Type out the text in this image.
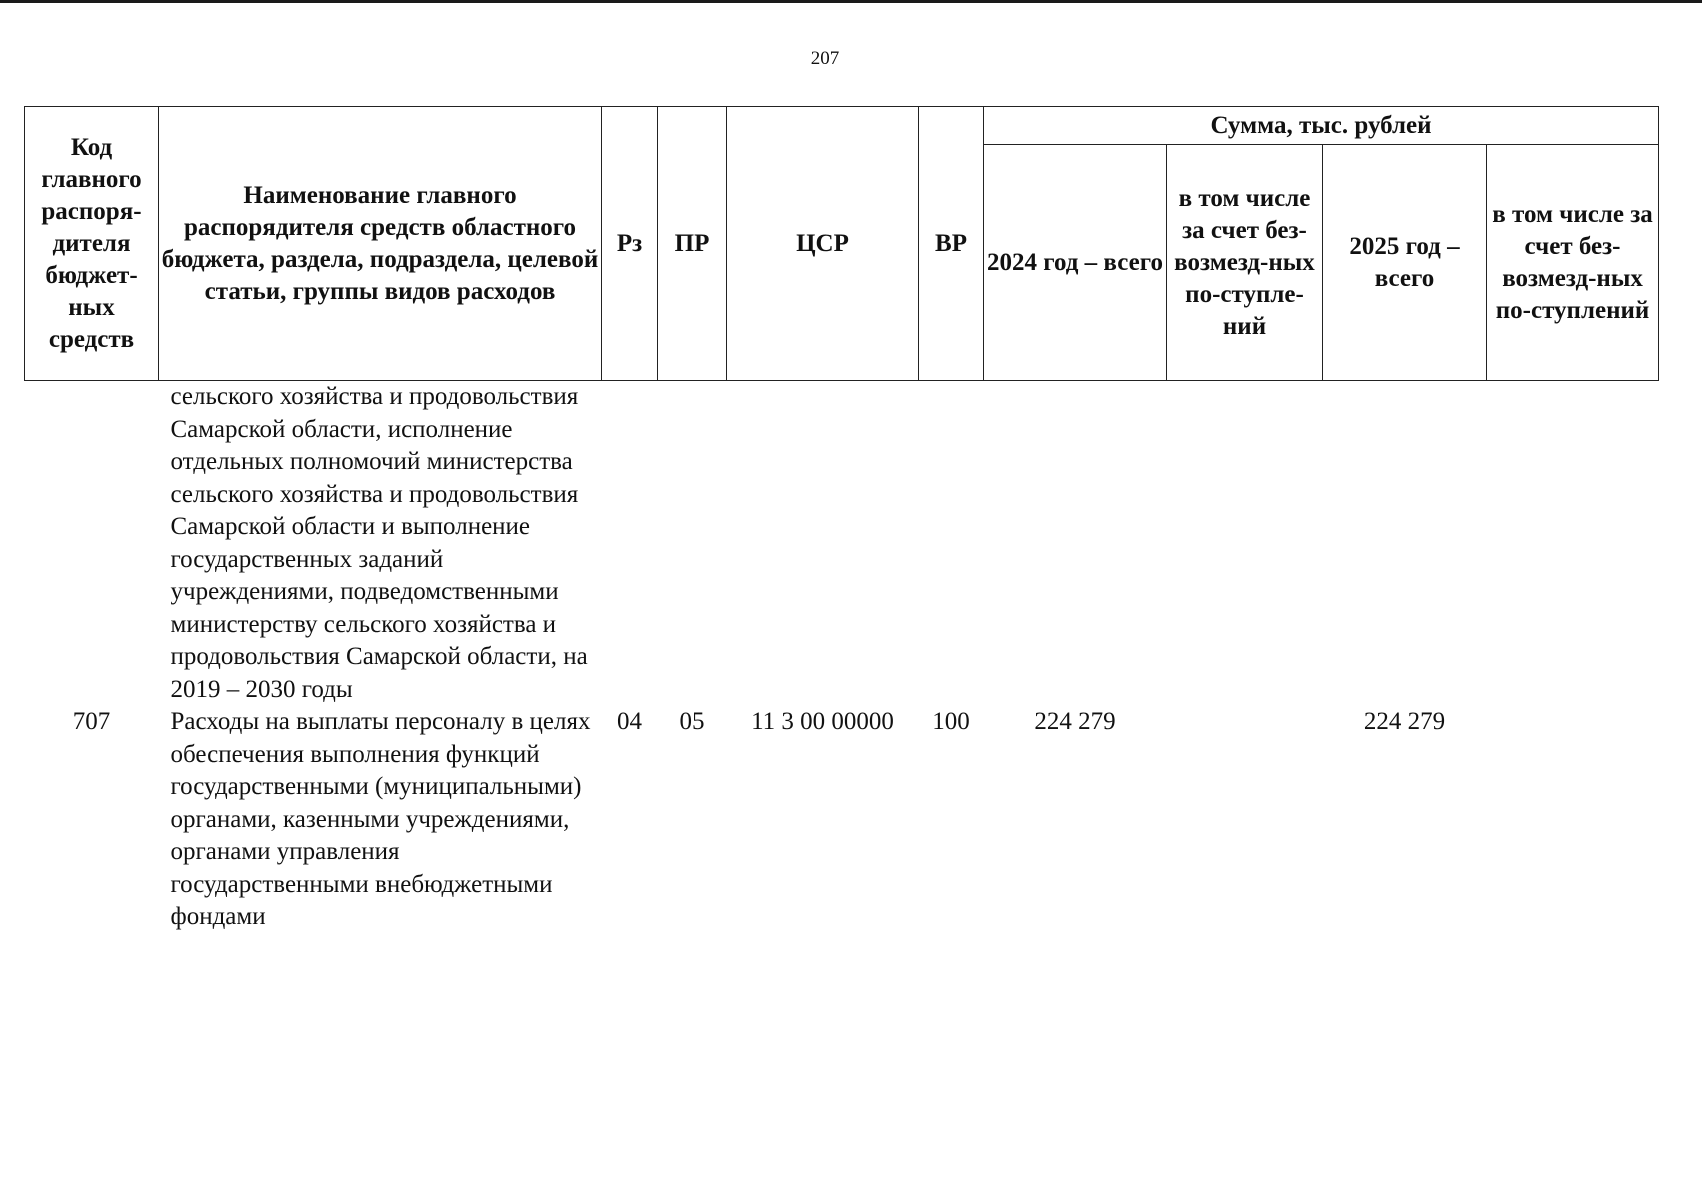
207
Код главного распоря-дителя бюджет-ных средств	Наименование главного распорядителя средств областного бюджета, раздела, подраздела, целевой статьи, группы видов расходов	Рз	ПР	ЦСР	ВР	Сумма, тыс. рублей			
						2024 год – всего	в том числе за счет без-возмезд-ных по-ступле-ний	2025 год – всего	в том числе за счет без-возмезд-ных по-ступлений
	сельского хозяйства и продовольствия Самарской области, исполнение отдельных полномочий министерства сельского хозяйства и продовольствия Самарской области и выполнение государственных заданий учреждениями, подведомственными министерству сельского хозяйства и продовольствия Самарской области, на 2019 – 2030 годы								
707	Расходы на выплаты персоналу в целях обеспечения выполнения функций государственными (муниципальными) органами, казенными учреждениями, органами управления государственными внебюджетными фондами	04	05	11 3 00 00000	100	224 279		224 279	
